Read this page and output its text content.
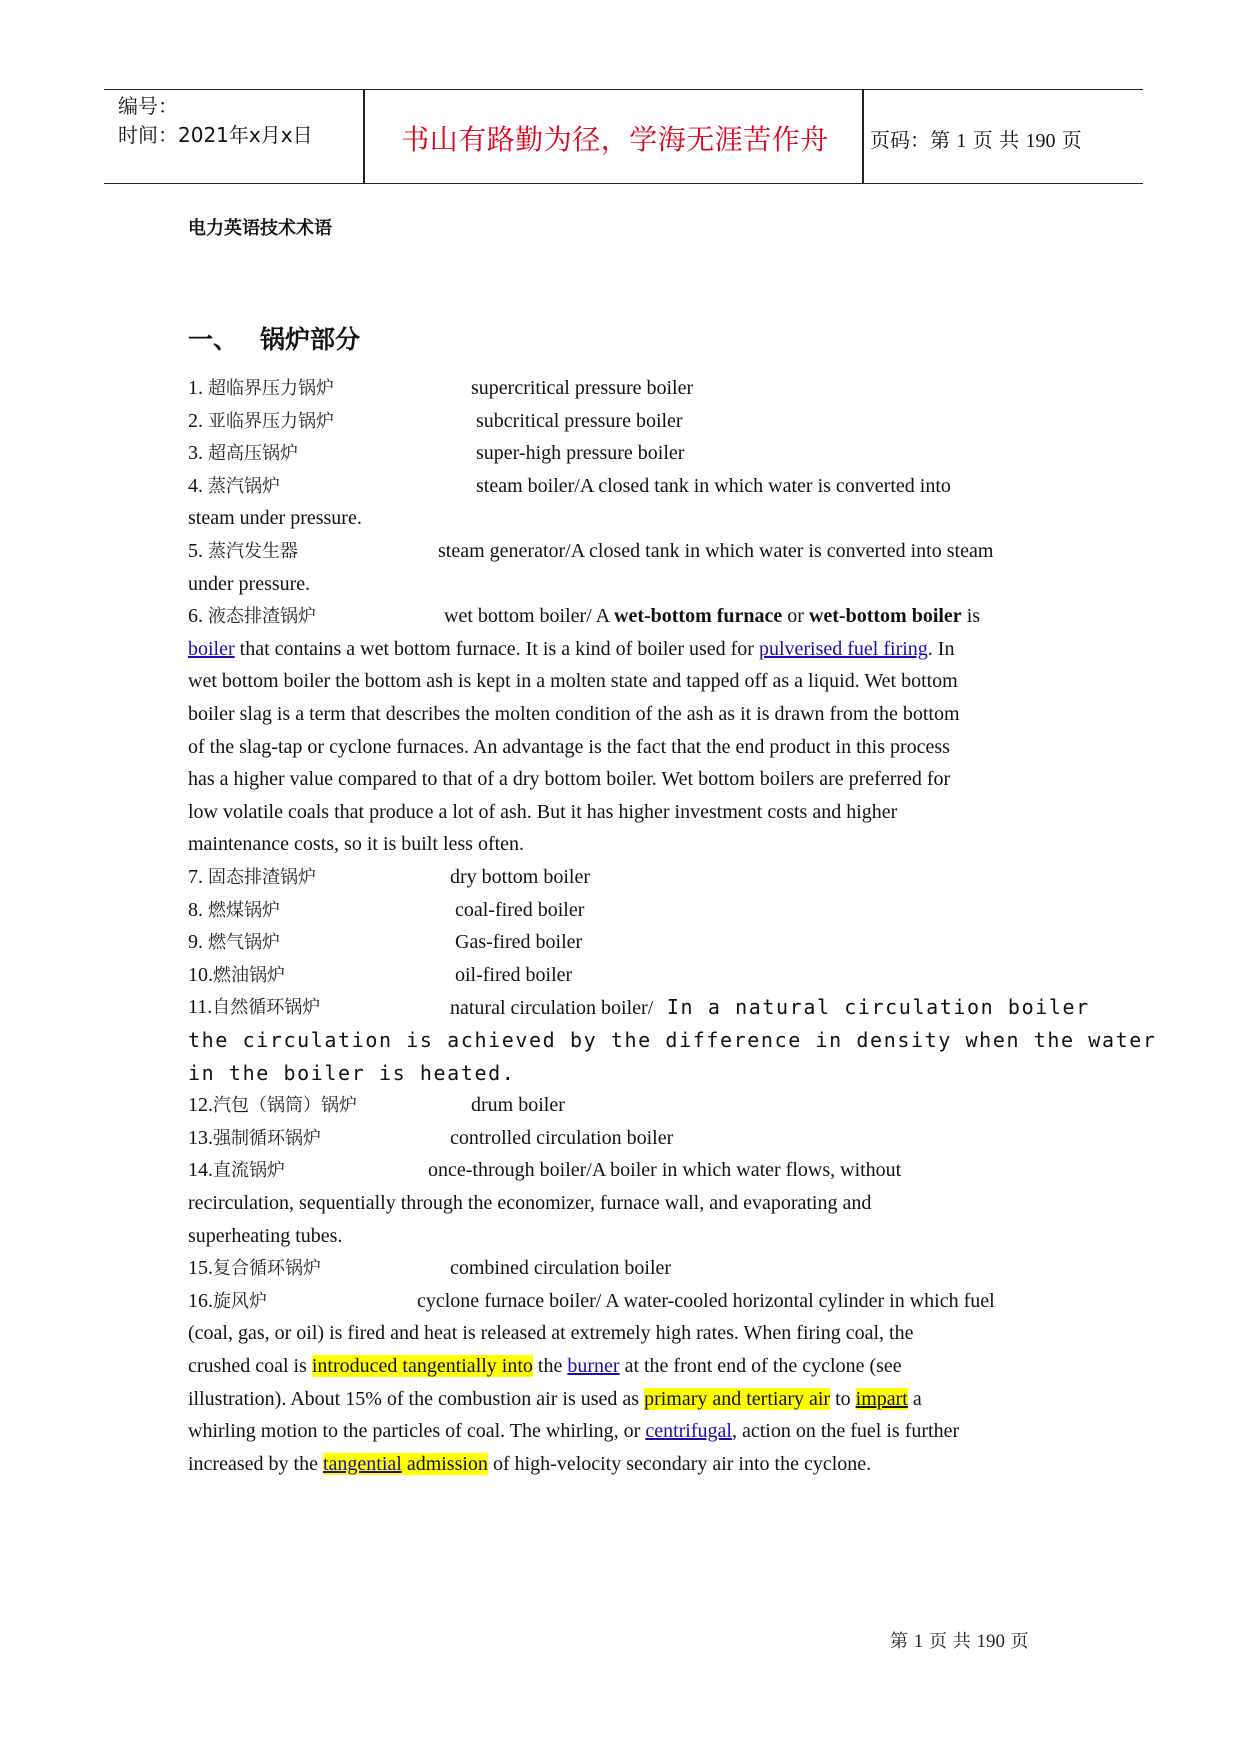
编号：
时间：2021年x月x日	书山有路勤为径，学海无涯苦作舟	页码：第 1 页 共 190 页
电力英语技术术语
一、 锅炉部分
1. 超临界压力锅炉	supercritical pressure boiler
2. 亚临界压力锅炉	subcritical pressure boiler
3. 超高压锅炉	super-high pressure boiler
4. 蒸汽锅炉	steam boiler/A closed tank in which water is converted into
steam under pressure.
5. 蒸汽发生器	steam generator/A closed tank in which water is converted into steam
under pressure.
6. 液态排渣锅炉	wet bottom boiler/ A wet-bottom furnace or wet-bottom boiler is
boiler that contains a wet bottom furnace. It is a kind of boiler used for pulverised fuel firing. In
wet bottom boiler the bottom ash is kept in a molten state and tapped off as a liquid. Wet bottom
boiler slag is a term that describes the molten condition of the ash as it is drawn from the bottom
of the slag-tap or cyclone furnaces. An advantage is the fact that the end product in this process
has a higher value compared to that of a dry bottom boiler. Wet bottom boilers are preferred for
low volatile coals that produce a lot of ash. But it has higher investment costs and higher
maintenance costs, so it is built less often.
7. 固态排渣锅炉	dry bottom boiler
8. 燃煤锅炉	coal-fired boiler
9. 燃气锅炉	Gas-fired boiler
10.燃油锅炉	oil-fired boiler
11.自然循环锅炉	natural circulation boiler/ In a natural circulation boiler
the circulation is achieved by the difference in density when the water
in the boiler is heated.
12.汽包（锅筒）锅炉	drum boiler
13.强制循环锅炉	controlled circulation boiler
14.直流锅炉	once-through boiler/A boiler in which water flows, without
recirculation, sequentially through the economizer, furnace wall, and evaporating and
superheating tubes.
15.复合循环锅炉	combined circulation boiler
16.旋风炉	cyclone furnace boiler/ A water-cooled horizontal cylinder in which fuel
(coal, gas, or oil) is fired and heat is released at extremely high rates. When firing coal, the
crushed coal is introduced tangentially into the burner at the front end of the cyclone (see
illustration). About 15% of the combustion air is used as primary and tertiary air to impart a
whirling motion to the particles of coal. The whirling, or centrifugal, action on the fuel is further
increased by the tangential admission of high-velocity secondary air into the cyclone.
第 1 页 共 190 页
